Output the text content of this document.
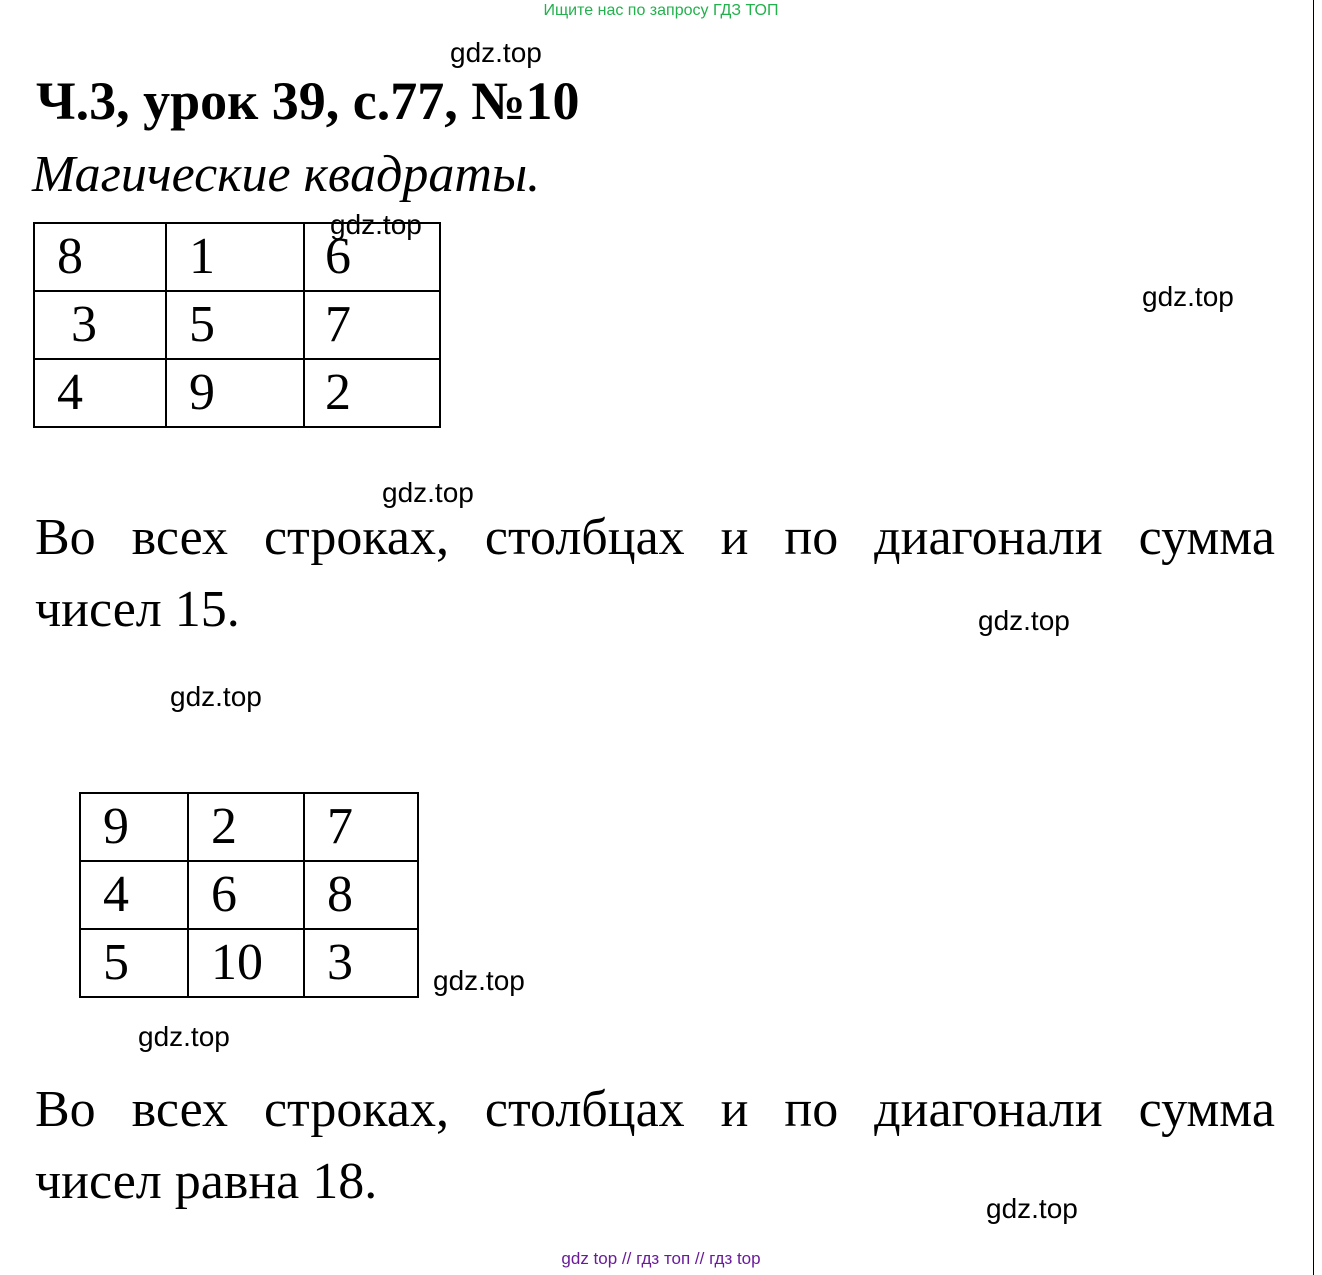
Ищите нас по запросу ГДЗ ТОП
gdz.top
Ч.3, урок 39, с.77, №10
Магические квадраты.
8	1	6
3	5	7
4	9	2
gdz.top
gdz.top
gdz.top
Во всех строках, столбцах и по диагонали сумма
чисел 15.	gdz.top
gdz.top
9	2	7
4	6	8
5	10	3	gdz.top
gdz.top
Во всех строках, столбцах и по диагонали сумма
чисел равна 18.	gdz.top
gdz top // гдз топ // гдз top
